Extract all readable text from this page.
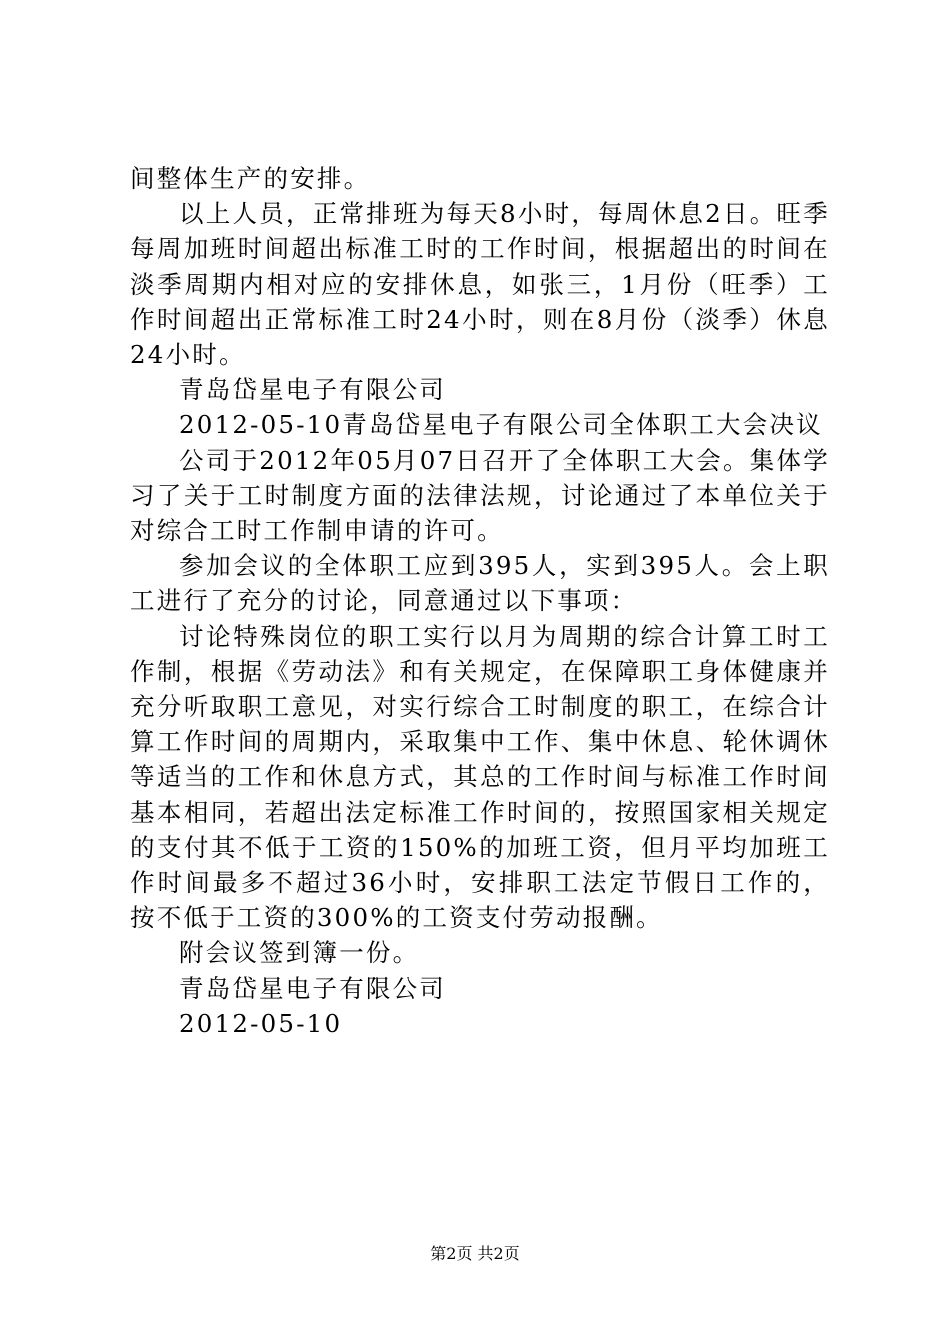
间整体生产的安排。

以上人员，正常排班为每天8小时，每周休息2日。旺季每周加班时间超出标准工时的工作时间，根据超出的时间在淡季周期内相对应的安排休息，如张三，1月份（旺季）工作时间超出正常标准工时24小时，则在8月份（淡季）休息24小时。

青岛岱星电子有限公司

2012-05-10青岛岱星电子有限公司全体职工大会决议

公司于2012年05月07日召开了全体职工大会。集体学习了关于工时制度方面的法律法规，讨论通过了本单位关于对综合工时工作制申请的许可。

参加会议的全体职工应到395人，实到395人。会上职工进行了充分的讨论，同意通过以下事项：

讨论特殊岗位的职工实行以月为周期的综合计算工时工作制，根据《劳动法》和有关规定，在保障职工身体健康并充分听取职工意见，对实行综合工时制度的职工，在综合计算工作时间的周期内，采取集中工作、集中休息、轮休调休等适当的工作和休息方式，其总的工作时间与标准工作时间基本相同，若超出法定标准工作时间的，按照国家相关规定的支付其不低于工资的150%的加班工资，但月平均加班工作时间最多不超过36小时，安排职工法定节假日工作的，按不低于工资的300%的工资支付劳动报酬。

附会议签到簿一份。

青岛岱星电子有限公司

2012-05-10

第2页 共2页
